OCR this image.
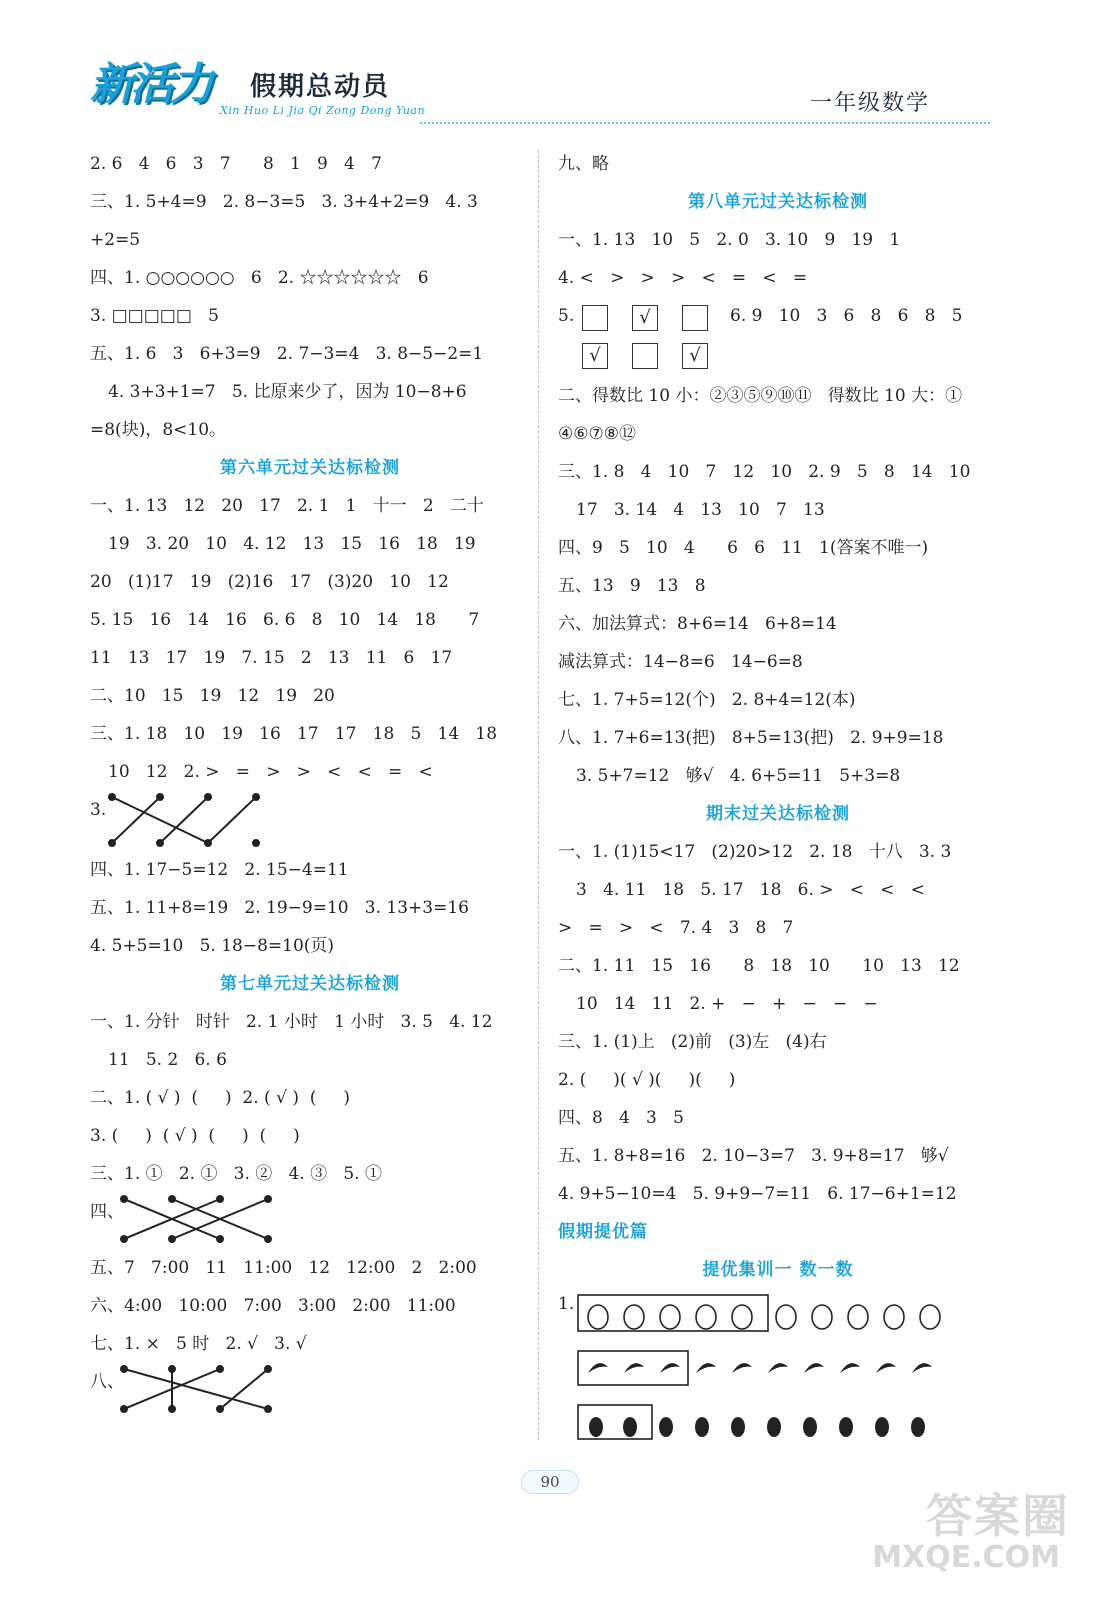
新活力 假期总动员
Xin Huo Li Jia Qi Zong Dong Yuan	一年级数学
2. 6   4   6   3   7      8   1   9   4   7
三、1. 5+4=9   2. 8−3=5   3. 3+4+2=9   4. 3
+2=5
四、1. ○○○○○○   6   2. ☆☆☆☆☆☆   6
3. □□□□□   5
五、1. 6   3   6+3=9   2. 7−3=4   3. 8−5−2=1
4. 3+3+1=7   5. 比原来少了，因为 10−8+6
=8(块)，8<10。
第六单元过关达标检测
一、1. 13   12   20   17   2. 1   1   十一   2   二十
19   3. 20   10   4. 12   13   15   16   18   19
20   (1)17   19   (2)16   17   (3)20   10   12
5. 15   16   14   16   6. 6   8   10   14   18      7
11   13   17   19   7. 15   2   13   11   6   17
二、10   15   19   12   19   20
三、1. 18   10   19   16   17   17   18   5   14   18
10   12   2. >   =   >   >   <   <   =   <
3.
四、1. 17−5=12   2. 15−4=11
五、1. 11+8=19   2. 19−9=10   3. 13+3=16
4. 5+5=10   5. 18−8=10(页)
第七单元过关达标检测
一、1. 分针   时针   2. 1 小时   1 小时   3. 5   4. 12
11   5. 2   6. 6
二、1. ( √ )  (     )  2. ( √ )  (     )
3. (     )  ( √ )  (     )  (     )
三、1. ①   2. ①   3. ②   4. ③   5. ①
四、
五、7   7:00   11   11:00   12   12:00   2   2:00
六、4:00   10:00   7:00   3:00   2:00   11:00
七、1. ×   5 时   2. √   3. √
八、
九、略
第八单元过关达标检测
一、1. 13   10   5   2. 0   3. 10   9   19   1
4. <   >   >   >   <   =   <   =
5.	√
√	√
6. 9   10   3   6   8   6   8   5
二、得数比 10 小：②③⑤⑨⑩⑪   得数比 10 大：①
④⑥⑦⑧⑫
三、1. 8   4   10   7   12   10   2. 9   5   8   14   10
17   3. 14   4   13   10   7   13
四、9   5   10   4      6   6   11   1(答案不唯一)
五、13   9   13   8
六、加法算式：8+6=14   6+8=14
减法算式：14−8=6   14−6=8
七、1. 7+5=12(个)   2. 8+4=12(本)
八、1. 7+6=13(把)   8+5=13(把)   2. 9+9=18
3. 5+7=12   够√   4. 6+5=11   5+3=8
期末过关达标检测
一、1. (1)15<17   (2)20>12   2. 18   十八   3. 3
3   4. 11   18   5. 17   18   6. >   <   <   <
>   =   >   <   7. 4   3   8   7
二、1. 11   15   16      8   18   10      10   13   12
10   14   11   2. +   −   +   −   −   −
三、1. (1)上   (2)前   (3)左   (4)右
2. (     )( √ )(     )(     )
四、8   4   3   5
五、1. 8+8=16   2. 10−3=7   3. 9+8=17   够√
4. 9+5−10=4   5. 9+9−7=11   6. 17−6+1=12
假期提优篇
提优集训一 数一数
1.
90
答案圈
MXQE.COM
